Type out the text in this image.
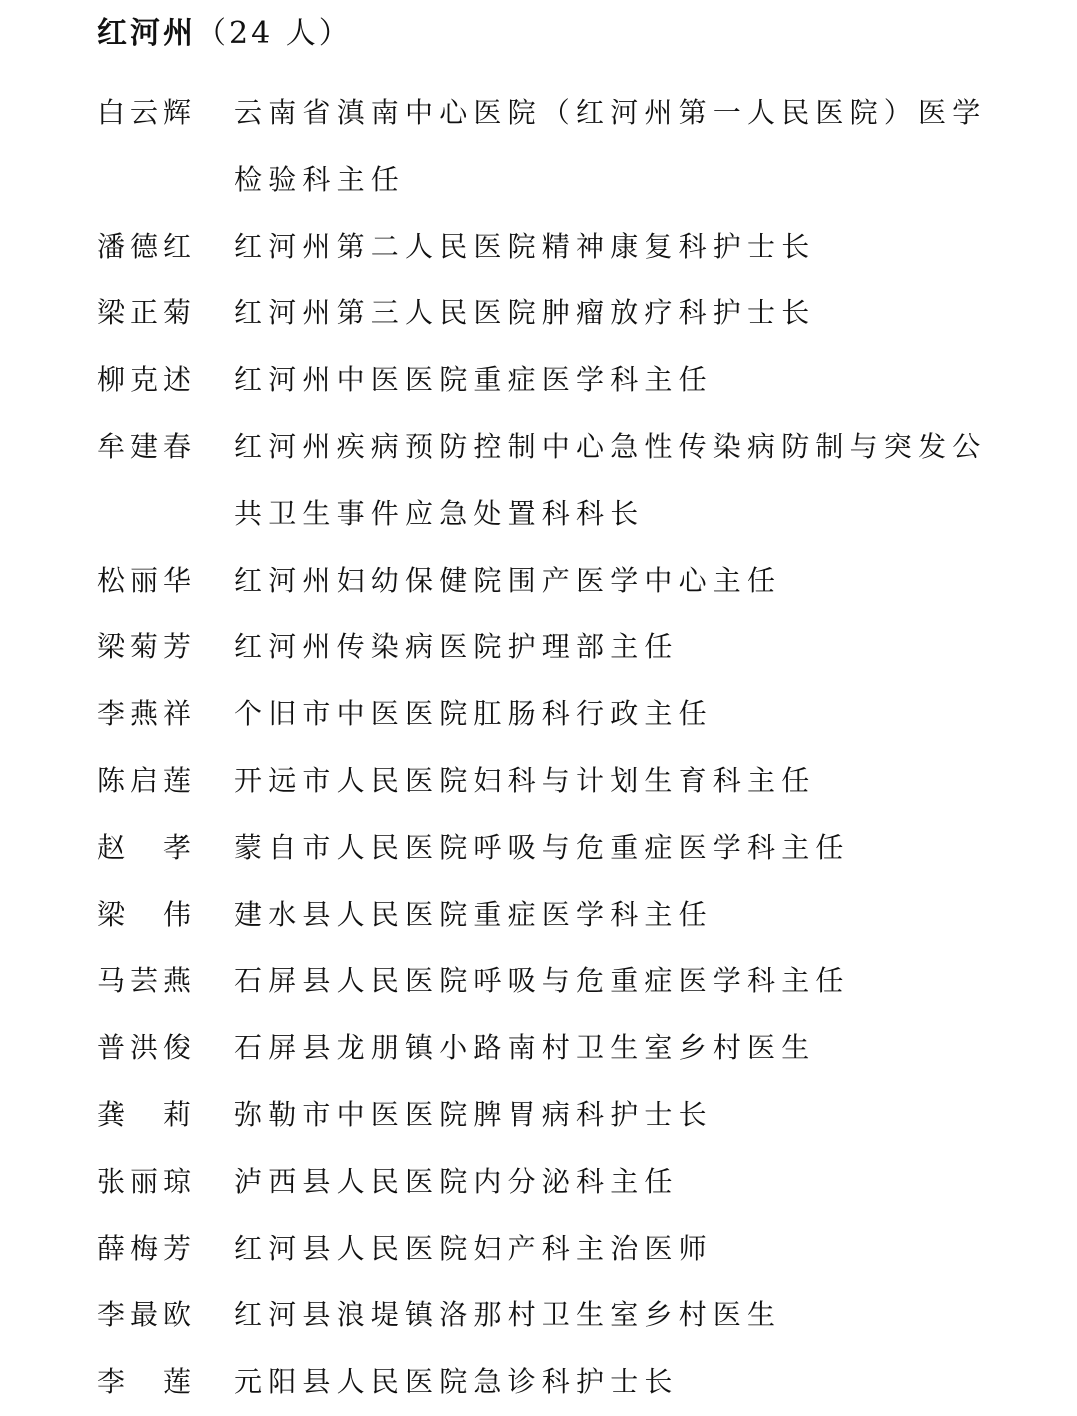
红河州（24 人）
白云辉	云南省滇南中心医院（红河州第一人民医院）医学检验科主任
潘德红	红河州第二人民医院精神康复科护士长
梁正菊	红河州第三人民医院肿瘤放疗科护士长
柳克述	红河州中医医院重症医学科主任
牟建春	红河州疾病预防控制中心急性传染病防制与突发公共卫生事件应急处置科科长
松丽华	红河州妇幼保健院围产医学中心主任
梁菊芳	红河州传染病医院护理部主任
李燕祥	个旧市中医医院肛肠科行政主任
陈启莲	开远市人民医院妇科与计划生育科主任
赵　孝	蒙自市人民医院呼吸与危重症医学科主任
梁　伟	建水县人民医院重症医学科主任
马芸燕	石屏县人民医院呼吸与危重症医学科主任
普洪俊	石屏县龙朋镇小路南村卫生室乡村医生
龚　莉	弥勒市中医医院脾胃病科护士长
张丽琼	泸西县人民医院内分泌科主任
薛梅芳	红河县人民医院妇产科主治医师
李最欧	红河县浪堤镇洛那村卫生室乡村医生
李　莲	元阳县人民医院急诊科护士长
